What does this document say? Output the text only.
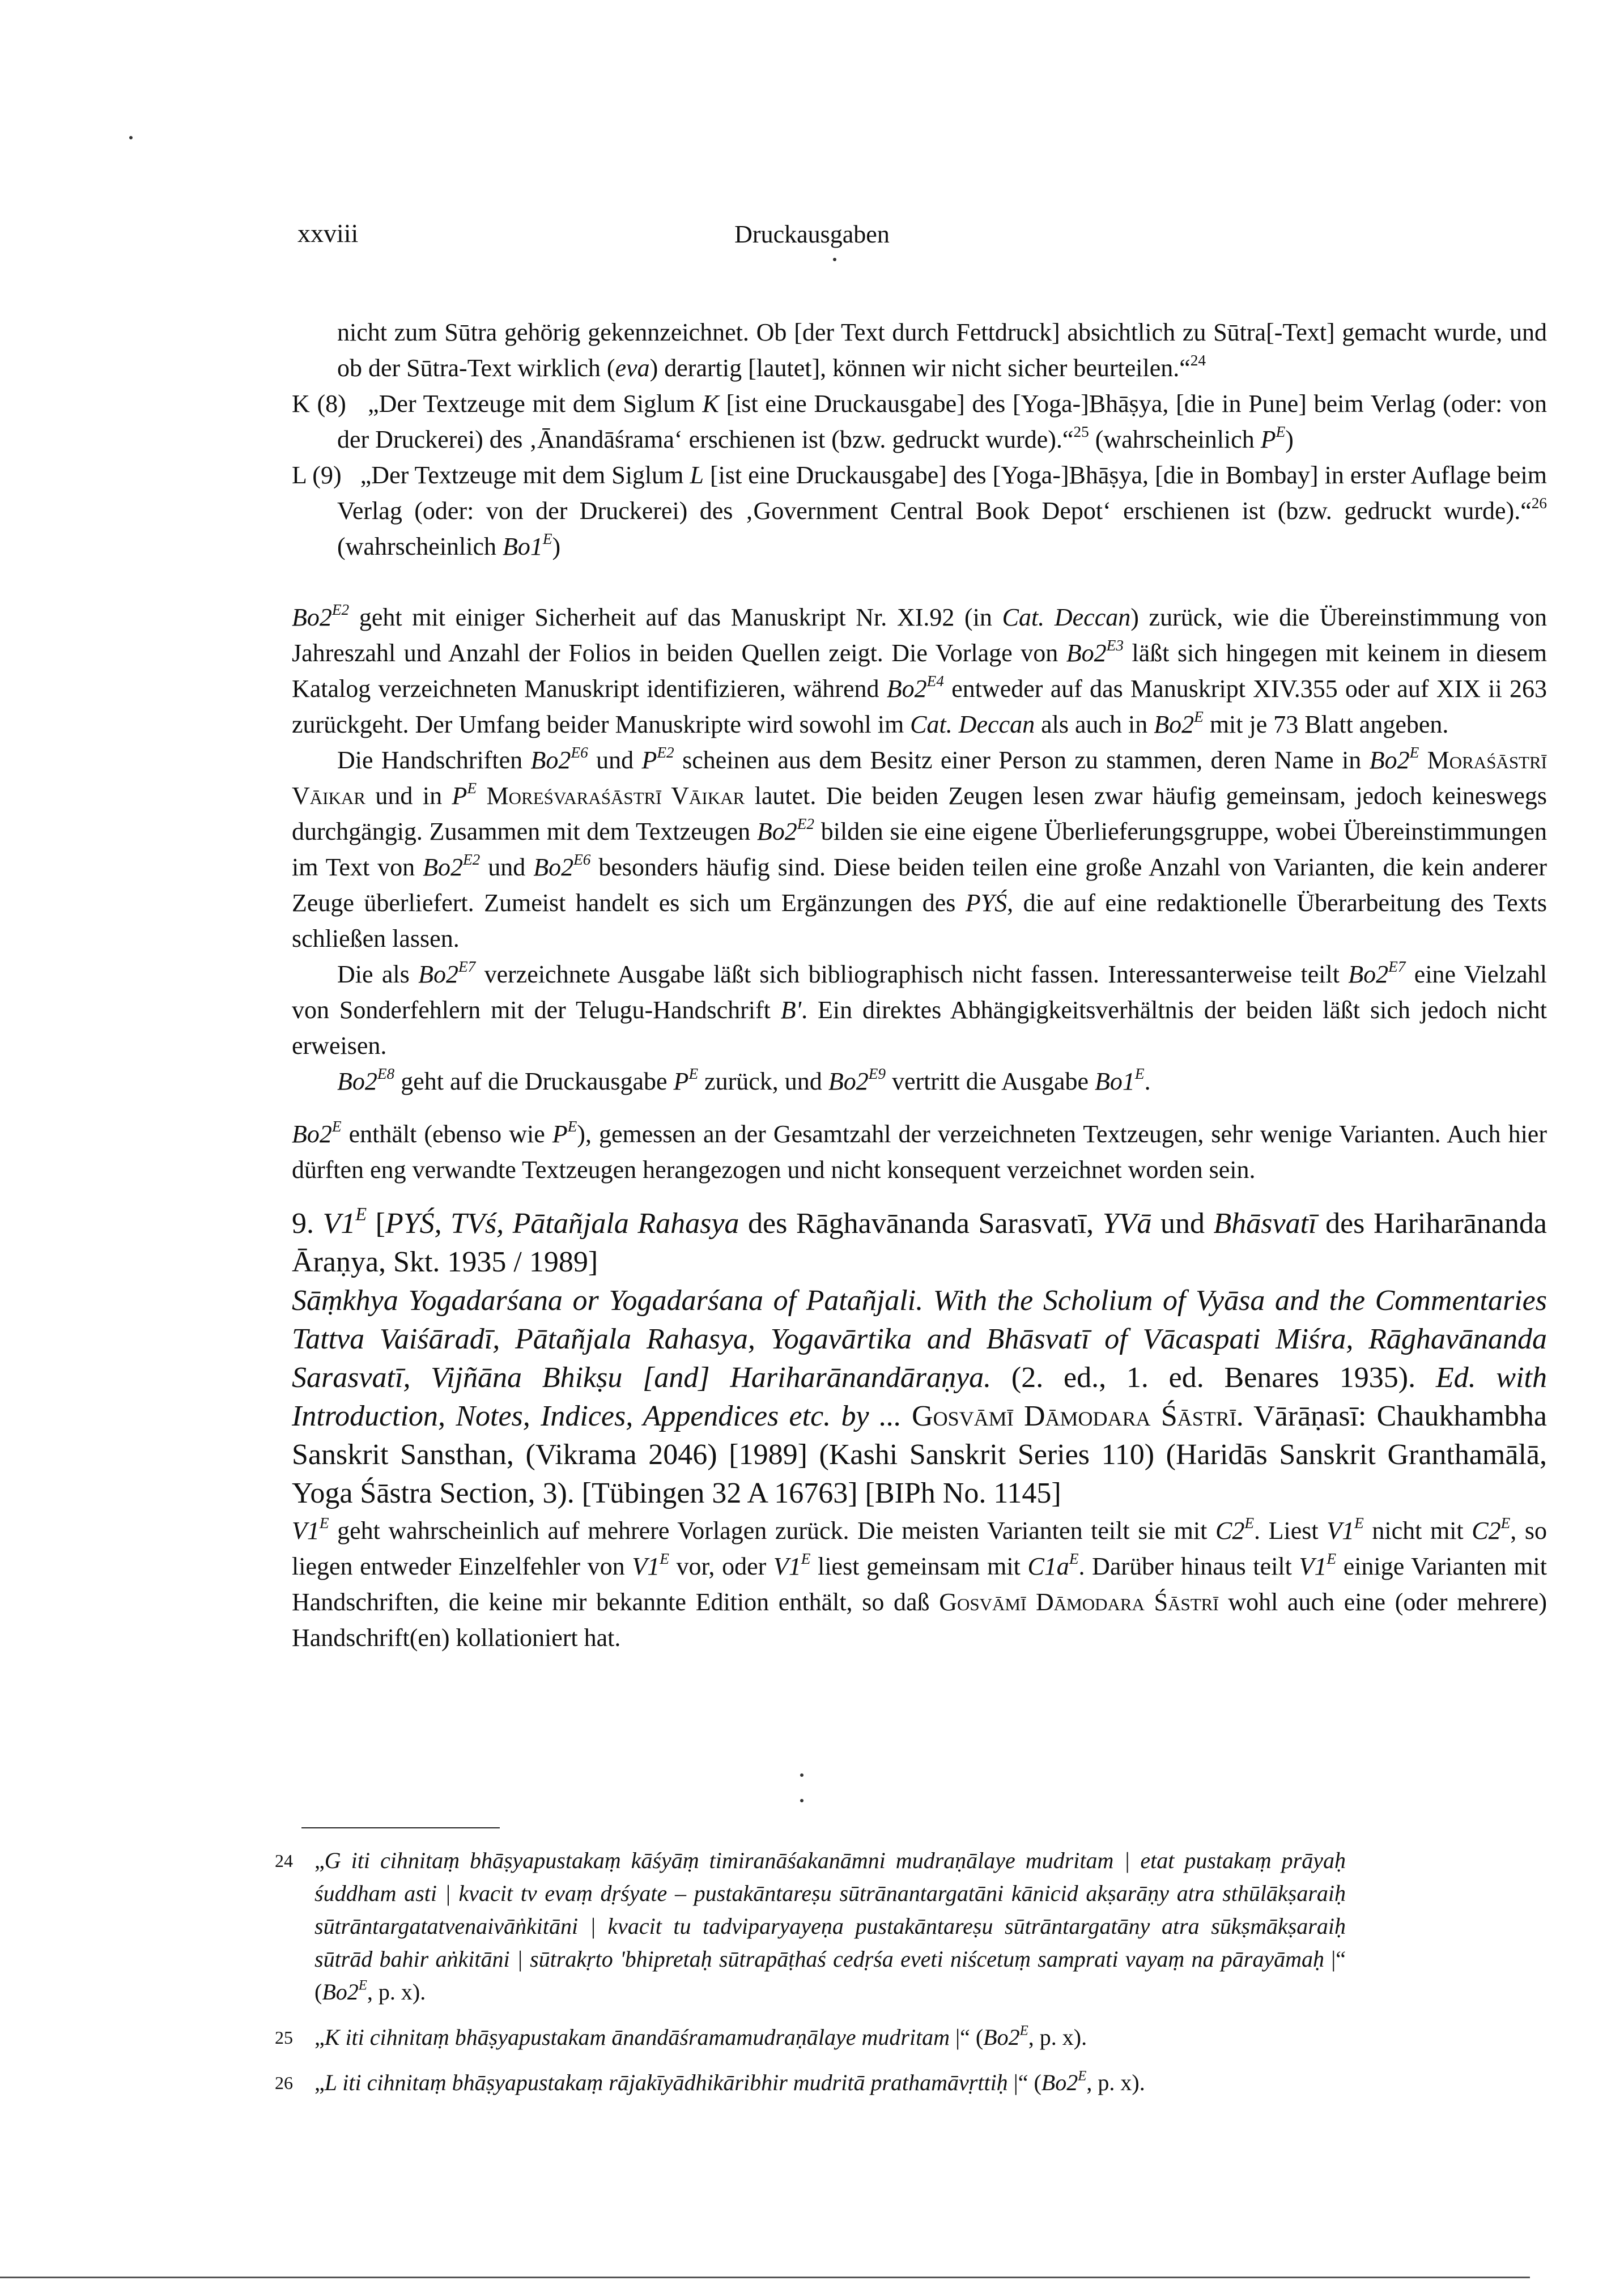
xxviii	Druckausgaben

nicht zum Sūtra gehörig gekennzeichnet. Ob [der Text durch Fettdruck] absichtlich zu Sūtra[-Text] gemacht wurde, und ob der Sūtra-Text wirklich (eva) derartig [lautet], können wir nicht sicher beurteilen.“$^{24}$

K (8) „Der Textzeuge mit dem Siglum K [ist eine Druckausgabe] des [Yoga-]Bhāṣya, [die in Pune] beim Verlag (oder: von der Druckerei) des ‚Ānandāśrama‘ erschienen ist (bzw. gedruckt wurde).“$^{25}$ (wahrscheinlich $P^E$)

L (9) „Der Textzeuge mit dem Siglum L [ist eine Druckausgabe] des [Yoga-]Bhāṣya, [die in Bombay] in erster Auflage beim Verlag (oder: von der Druckerei) des ‚Government Central Book Depot‘ erschienen ist (bzw. gedruckt wurde).“$^{26}$ (wahrscheinlich $Bo1^E$)

$Bo2^{E2}$ geht mit einiger Sicherheit auf das Manuskript Nr. XI.92 (in Cat. Deccan) zurück, wie die Übereinstimmung von Jahreszahl und Anzahl der Folios in beiden Quellen zeigt. Die Vorlage von $Bo2^{E3}$ läßt sich hingegen mit keinem in diesem Katalog verzeichneten Manuskript identifizieren, während $Bo2^{E4}$ entweder auf das Manuskript XIV.355 oder auf XIX ii 263 zurückgeht. Der Umfang beider Manuskripte wird sowohl im Cat. Deccan als auch in $Bo2^E$ mit je 73 Blatt angeben.

Die Handschriften $Bo2^{E6}$ und $P^{E2}$ scheinen aus dem Besitz einer Person zu stammen, deren Name in $Bo2^E$ Moraśāstrī Vāikar und in $P^E$ Moreśvaraśāstrī Vāikar lautet. Die beiden Zeugen lesen zwar häufig gemeinsam, jedoch keineswegs durchgängig. Zusammen mit dem Textzeugen $Bo2^{E2}$ bilden sie eine eigene Überlieferungsgruppe, wobei Übereinstimmungen im Text von $Bo2^{E2}$ und $Bo2^{E6}$ besonders häufig sind. Diese beiden teilen eine große Anzahl von Varianten, die kein anderer Zeuge überliefert. Zumeist handelt es sich um Ergänzungen des PYŚ, die auf eine redaktionelle Überarbeitung des Texts schließen lassen.

Die als $Bo2^{E7}$ verzeichnete Ausgabe läßt sich bibliographisch nicht fassen. Interessanterweise teilt $Bo2^{E7}$ eine Vielzahl von Sonderfehlern mit der Telugu-Handschrift B'. Ein direktes Abhängigkeitsverhältnis der beiden läßt sich jedoch nicht erweisen.

$Bo2^{E8}$ geht auf die Druckausgabe $P^E$ zurück, und $Bo2^{E9}$ vertritt die Ausgabe $Bo1^E$.

$Bo2^E$ enthält (ebenso wie $P^E$), gemessen an der Gesamtzahl der verzeichneten Textzeugen, sehr wenige Varianten. Auch hier dürften eng verwandte Textzeugen herangezogen und nicht konsequent verzeichnet worden sein.

9. $V1^E$ [PYŚ, TVś, Pātañjala Rahasya des Rāghavānanda Sarasvatī, YVā und Bhāsvatī des Hariharānanda Āraṇya, Skt. 1935 / 1989]

Sāṃkhya Yogadarśana or Yogadarśana of Patañjali. With the Scholium of Vyāsa and the Commentaries Tattva Vaiśāradī, Pātañjala Rahasya, Yogavārtika and Bhāsvatī of Vācaspati Miśra, Rāghavānanda Sarasvatī, Vijñāna Bhikṣu [and] Hariharānandāraṇya. (2. ed., 1. ed. Benares 1935). Ed. with Introduction, Notes, Indices, Appendices etc. by ... Gosvāmī Dāmodara Śāstrī. Vārāṇasī: Chaukhambha Sanskrit Sansthan, (Vikrama 2046) [1989] (Kashi Sanskrit Series 110) (Haridās Sanskrit Granthamālā, Yoga Śāstra Section, 3). [Tübingen 32 A 16763] [BIPh No. 1145]

$V1^E$ geht wahrscheinlich auf mehrere Vorlagen zurück. Die meisten Varianten teilt sie mit $C2^E$. Liest $V1^E$ nicht mit $C2^E$, so liegen entweder Einzelfehler von $V1^E$ vor, oder $V1^E$ liest gemeinsam mit $C1a^E$. Darüber hinaus teilt $V1^E$ einige Varianten mit Handschriften, die keine mir bekannte Edition enthält, so daß Gosvāmī Dāmodara Śāstrī wohl auch eine (oder mehrere) Handschrift(en) kollationiert hat.

24 „G iti cihnitaṃ bhāṣyapustakaṃ kāśyāṃ timiranāśakanāmni mudraṇālaye mudritam | etat pustakaṃ prāyaḥ śuddham asti | kvacit tv evaṃ dṛśyate – pustakāntareṣu sūtrānantargatāni kānicid akṣarāṇy atra sthūlākṣaraiḥ sūtrāntargatatvenaivāṅkitāni | kvacit tu tadviparyayeṇa pustakāntareṣu sūtrāntargatāny atra sūkṣmākṣaraiḥ sūtrād bahir aṅkitāni | sūtrakṛto 'bhipretaḥ sūtrapāṭhaś cedṛśa eveti niścetuṃ samprati vayaṃ na pārayāmaḥ |“ ($Bo2^E$, p. x).
25 „K iti cihnitaṃ bhāṣyapustakam ānandāśramamudraṇālaye mudritam |“ ($Bo2^E$, p. x).
26 „L iti cihnitaṃ bhāṣyapustakaṃ rājakīyādhikāribhir mudritā prathamāvṛttiḥ |“ ($Bo2^E$, p. x).
